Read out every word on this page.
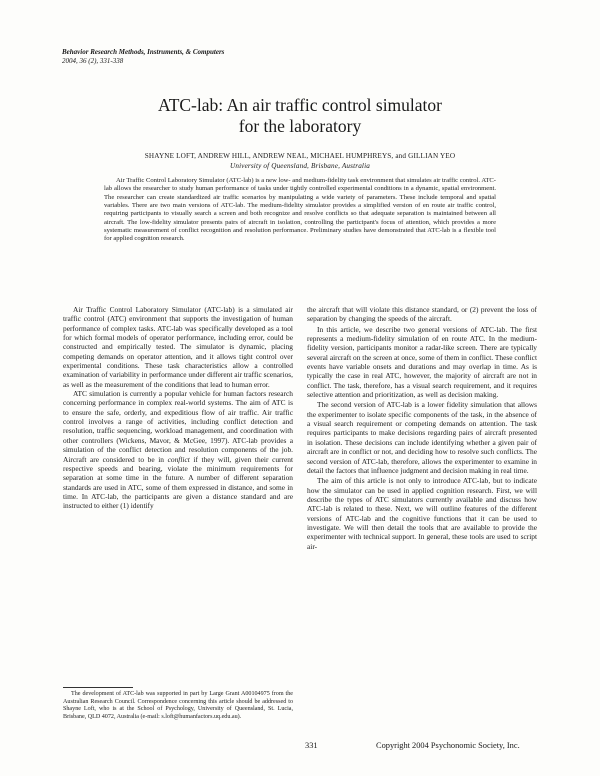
Behavior Research Methods, Instruments, & Computers
2004, 36 (2), 331-338
ATC-lab: An air traffic control simulator
for the laboratory
SHAYNE LOFT, ANDREW HILL, ANDREW NEAL, MICHAEL HUMPHREYS, and GILLIAN YEO
University of Queensland, Brisbane, Australia

Air Traffic Control Laboratory Simulator (ATC-lab) is a new low- and medium-fidelity task environment that simulates air traffic control. ATC-lab allows the researcher to study human performance of tasks under tightly controlled experimental conditions in a dynamic, spatial environment. The researcher can create standardized air traffic scenarios by manipulating a wide variety of parameters. These include temporal and spatial variables. There are two main versions of ATC-lab. The medium-fidelity simulator provides a simplified version of en route air traffic control, requiring participants to visually search a screen and both recognize and resolve conflicts so that adequate separation is maintained between all aircraft. The low-fidelity simulator presents pairs of aircraft in isolation, controlling the participant's focus of attention, which provides a more systematic measurement of conflict recognition and resolution performance. Preliminary studies have demonstrated that ATC-lab is a flexible tool for applied cognition research.

Air Traffic Control Laboratory Simulator (ATC-lab) is a simulated air traffic control (ATC) environment that supports the investigation of human performance of complex tasks. ATC-lab was specifically developed as a tool for which formal models of operator performance, including error, could be constructed and empirically tested. The simulator is dynamic, placing competing demands on operator attention, and it allows tight control over experimental conditions. These task characteristics allow a controlled examination of variability in performance under different air traffic scenarios, as well as the measurement of the conditions that lead to human error.

ATC simulation is currently a popular vehicle for human factors research concerning performance in complex real-world systems. The aim of ATC is to ensure the safe, orderly, and expeditious flow of air traffic. Air traffic control involves a range of activities, including conflict detection and resolution, traffic sequencing, workload management, and coordination with other controllers (Wickens, Mavor, & McGee, 1997). ATC-lab provides a simulation of the conflict detection and resolution components of the job. Aircraft are considered to be in conflict if they will, given their current respective speeds and bearing, violate the minimum requirements for separation at some time in the future. A number of different separation standards are used in ATC, some of them expressed in distance, and some in time. In ATC-lab, the participants are given a distance standard and are instructed to either (1) identify

the aircraft that will violate this distance standard, or (2) prevent the loss of separation by changing the speeds of the aircraft.

In this article, we describe two general versions of ATC-lab. The first represents a medium-fidelity simulation of en route ATC. In the medium-fidelity version, participants monitor a radar-like screen. There are typically several aircraft on the screen at once, some of them in conflict. These conflict events have variable onsets and durations and may overlap in time. As is typically the case in real ATC, however, the majority of aircraft are not in conflict. The task, therefore, has a visual search requirement, and it requires selective attention and prioritization, as well as decision making.

The second version of ATC-lab is a lower fidelity simulation that allows the experimenter to isolate specific components of the task, in the absence of a visual search requirement or competing demands on attention. The task requires participants to make decisions regarding pairs of aircraft presented in isolation. These decisions can include identifying whether a given pair of aircraft are in conflict or not, and deciding how to resolve such conflicts. The second version of ATC-lab, therefore, allows the experimenter to examine in detail the factors that influence judgment and decision making in real time.

The aim of this article is not only to introduce ATC-lab, but to indicate how the simulator can be used in applied cognition research. First, we will describe the types of ATC simulators currently available and discuss how ATC-lab is related to these. Next, we will outline features of the different versions of ATC-lab and the cognitive functions that it can be used to investigate. We will then detail the tools that are available to provide the experimenter with technical support. In general, these tools are used to script air-

The development of ATC-lab was supported in part by Large Grant A00104975 from the Australian Research Council. Correspondence concerning this article should be addressed to Shayne Loft, who is at the School of Psychology, University of Queensland, St. Lucia, Brisbane, QLD 4072, Australia (e-mail: s.loft@humanfactors.uq.edu.au).

331	Copyright 2004 Psychonomic Society, Inc.
